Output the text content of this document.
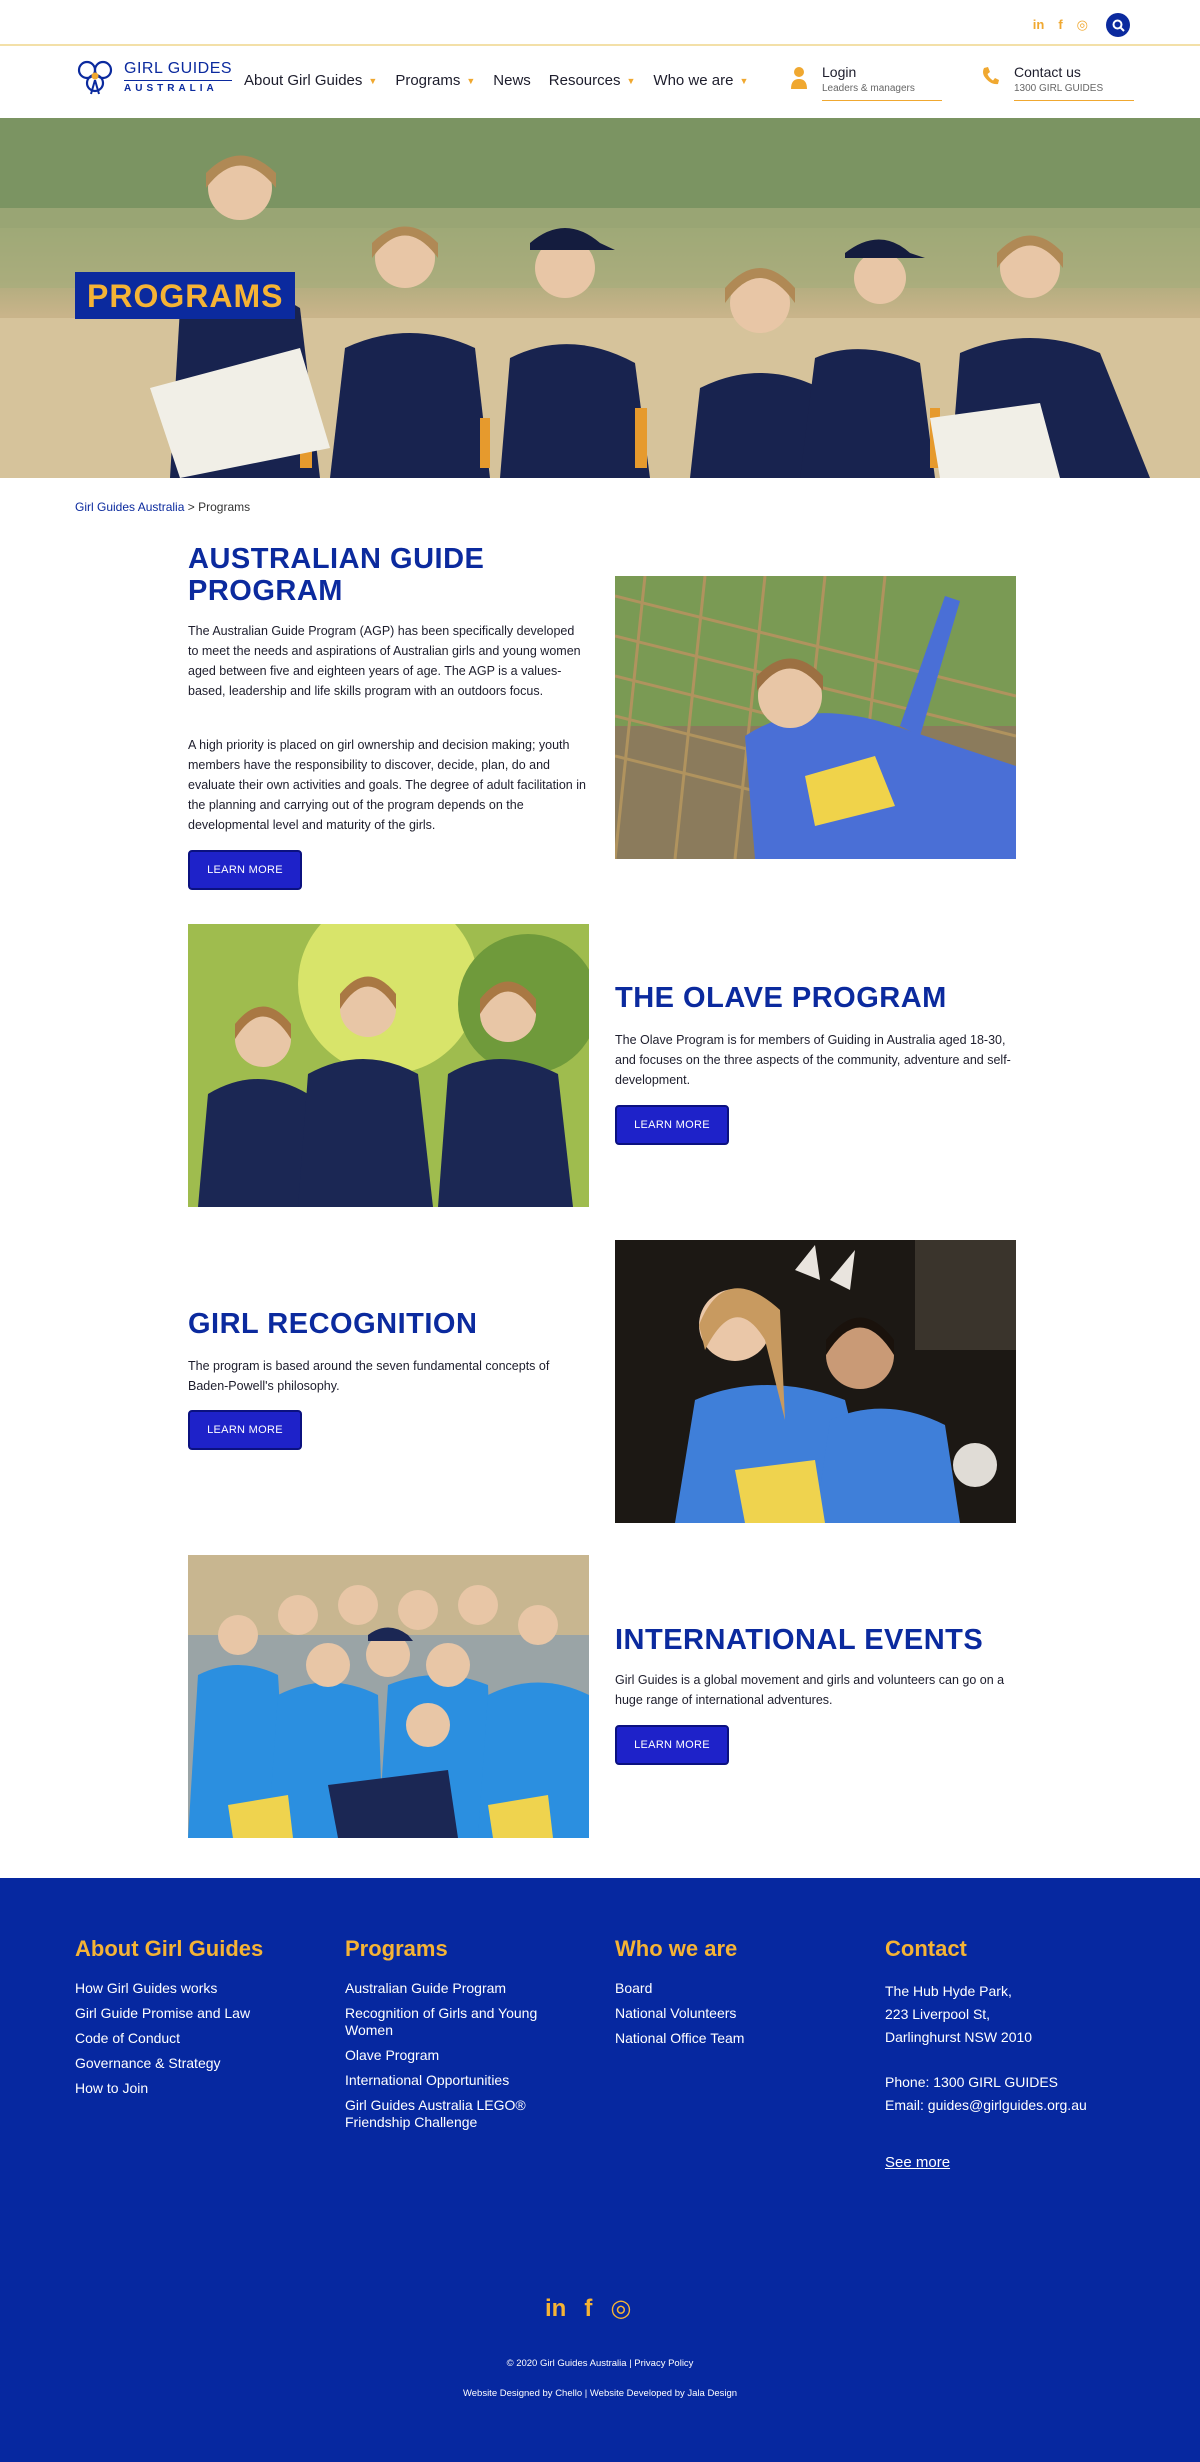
in f ◎
GIRL GUIDES
AUSTRALIA	About Girl Guides ▼ Programs ▼ News Resources ▼ Who we are ▼
Login
Leaders & managers
Contact us
1300 GIRL GUIDES
PROGRAMS
Girl Guides Australia > Programs
AUSTRALIAN GUIDE
PROGRAM
The Australian Guide Program (AGP) has been specifically developed to meet the needs and aspirations of Australian girls and young women aged between five and eighteen years of age. The AGP is a values-based, leadership and life skills program with an outdoors focus.
A high priority is placed on girl ownership and decision making; youth members have the responsibility to discover, decide, plan, do and evaluate their own activities and goals. The degree of adult facilitation in the planning and carrying out of the program depends on the developmental level and maturity of the girls.
LEARN MORE
THE OLAVE PROGRAM
The Olave Program is for members of Guiding in Australia aged 18-30, and focuses on the three aspects of the community, adventure and self-development.
LEARN MORE
GIRL RECOGNITION
The program is based around the seven fundamental concepts of Baden-Powell's philosophy.
LEARN MORE
INTERNATIONAL EVENTS
Girl Guides is a global movement and girls and volunteers can go on a huge range of international adventures.
LEARN MORE
About Girl Guides
How Girl Guides works
Girl Guide Promise and Law
Code of Conduct
Governance & Strategy
How to Join
Programs
Australian Guide Program
Recognition of Girls and Young Women
Olave Program
International Opportunities
Girl Guides Australia LEGO® Friendship Challenge
Who we are
Board
National Volunteers
National Office Team
Contact
The Hub Hyde Park,
223 Liverpool St,
Darlinghurst NSW 2010
Phone: 1300 GIRL GUIDES
Email: guides@girlguides.org.au
See more
in f ◎
© 2020 Girl Guides Australia | Privacy Policy
Website Designed by Chello | Website Developed by Jala Design
